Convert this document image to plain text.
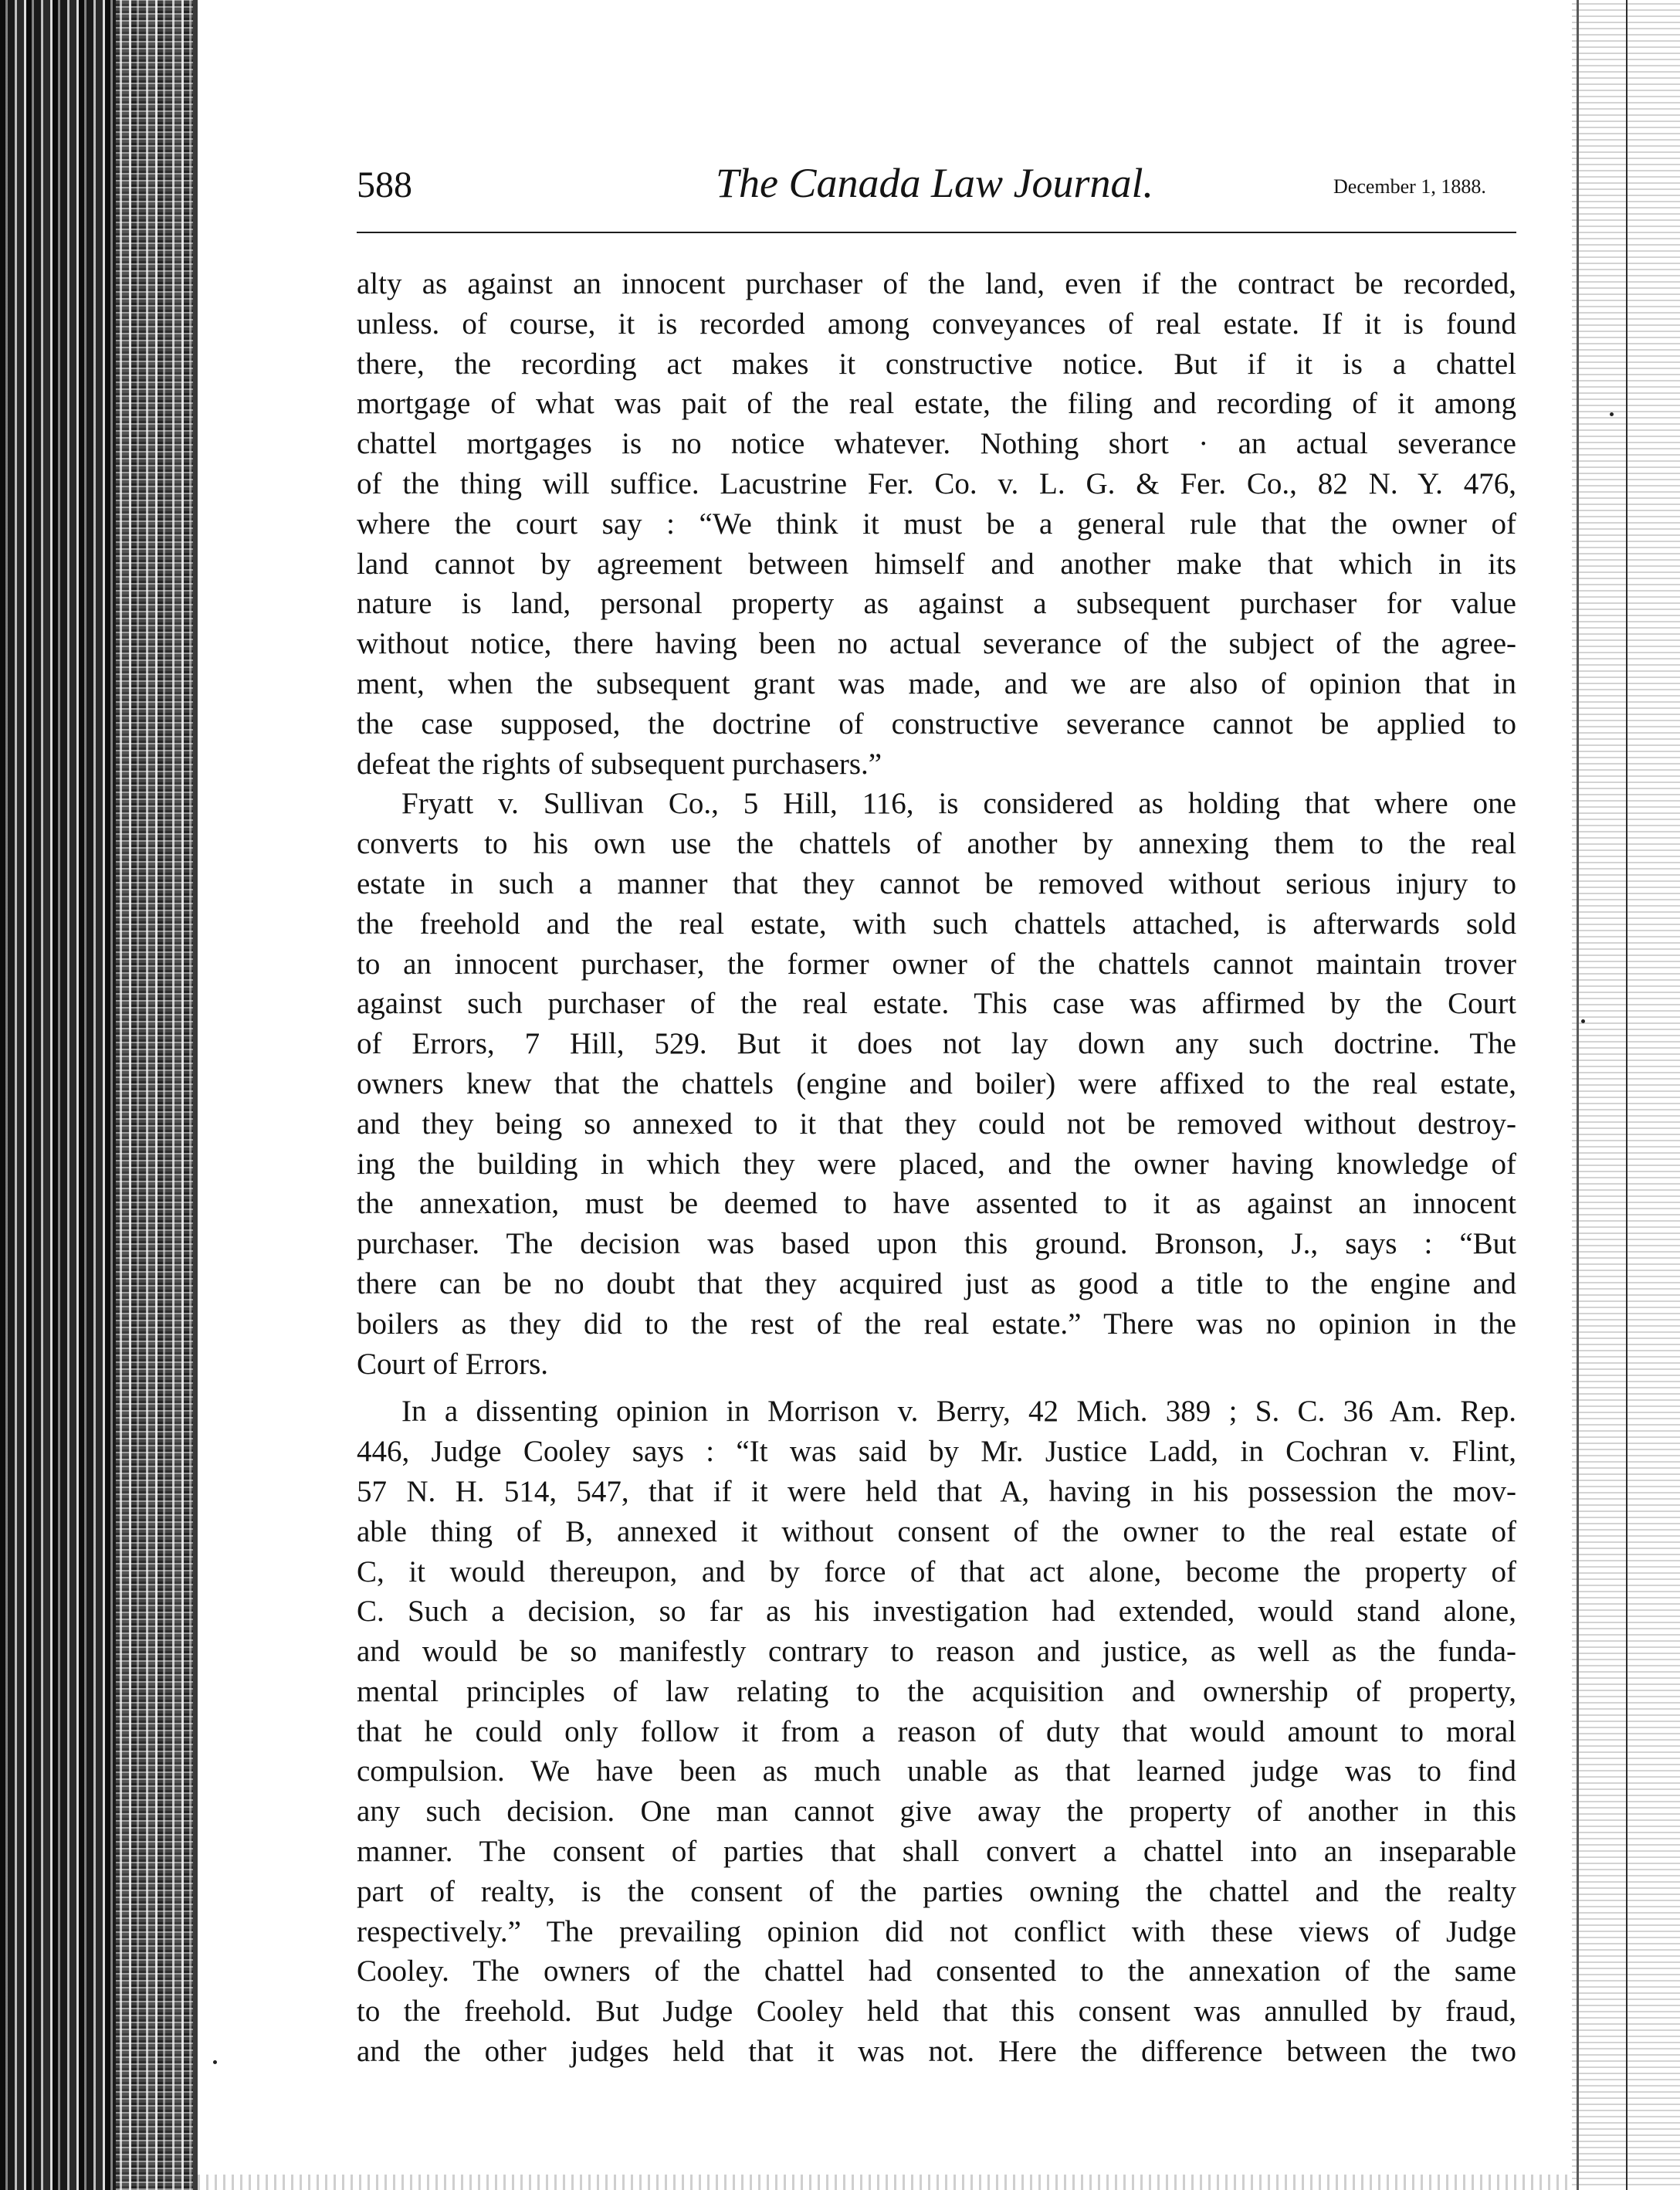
588	The Canada Law Journal.	December 1, 1888.

alty as against an innocent purchaser of the land, even if the contract be recorded,

unless. of course, it is recorded among conveyances of real estate. If it is found

there, the recording act makes it constructive notice. But if it is a chattel

mortgage of what was pait of the real estate, the filing and recording of it among

chattel mortgages is no notice whatever. Nothing short · an actual severance

of the thing will suffice. Lacustrine Fer. Co. v. L. G. & Fer. Co., 82 N. Y. 476,

where the court say : “We think it must be a general rule that the owner of

land cannot by agreement between himself and another make that which in its

nature is land, personal property as against a subsequent purchaser for value

without notice, there having been no actual severance of the subject of the agree-

ment, when the subsequent grant was made, and we are also of opinion that in

the case supposed, the doctrine of constructive severance cannot be applied to

defeat the rights of subsequent purchasers.”

Fryatt v. Sullivan Co., 5 Hill, 116, is considered as holding that where one

converts to his own use the chattels of another by annexing them to the real

estate in such a manner that they cannot be removed without serious injury to

the freehold and the real estate, with such chattels attached, is afterwards sold

to an innocent purchaser, the former owner of the chattels cannot maintain trover

against such purchaser of the real estate. This case was affirmed by the Court

of Errors, 7 Hill, 529. But it does not lay down any such doctrine. The

owners knew that the chattels (engine and boiler) were affixed to the real estate,

and they being so annexed to it that they could not be removed without destroy-

ing the building in which they were placed, and the owner having knowledge of

the annexation, must be deemed to have assented to it as against an innocent

purchaser. The decision was based upon this ground. Bronson, J., says : “But

there can be no doubt that they acquired just as good a title to the engine and

boilers as they did to the rest of the real estate.” There was no opinion in the

Court of Errors.

In a dissenting opinion in Morrison v. Berry, 42 Mich. 389 ; S. C. 36 Am. Rep.

446, Judge Cooley says : “It was said by Mr. Justice Ladd, in Cochran v. Flint,

57 N. H. 514, 547, that if it were held that A, having in his possession the mov-

able thing of B, annexed it without consent of the owner to the real estate of

C, it would thereupon, and by force of that act alone, become the property of

C. Such a decision, so far as his investigation had extended, would stand alone,

and would be so manifestly contrary to reason and justice, as well as the funda-

mental principles of law relating to the acquisition and ownership of property,

that he could only follow it from a reason of duty that would amount to moral

compulsion. We have been as much unable as that learned judge was to find

any such decision. One man cannot give away the property of another in this

manner. The consent of parties that shall convert a chattel into an inseparable

part of realty, is the consent of the parties owning the chattel and the realty

respectively.” The prevailing opinion did not conflict with these views of Judge

Cooley. The owners of the chattel had consented to the annexation of the same

to the freehold. But Judge Cooley held that this consent was annulled by fraud,

and the other judges held that it was not. Here the difference between the two
